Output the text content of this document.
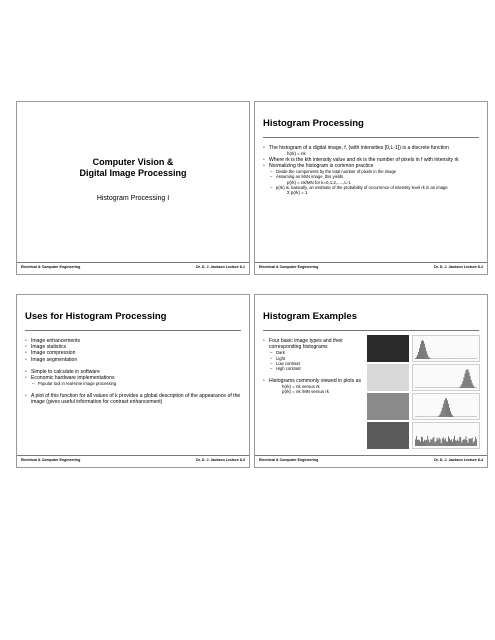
Computer Vision &
Digital Image Processing
Histogram Processing I
Electrical & Computer Engineering	Dr. D. J. Jackson Lecture 8-1
Histogram Processing
• The histogram of a digital image, f, (with intensities [0,L-1]) is a discrete function
h(rk) = nk
• Where rk is the kth intensity value and nk is the number of pixels in f with intensity rk
• Normalizing the histogram is common practice
– Divide the components by the total number of pixels in the image
– Assuming an MxN image, this yields
p(rk) = nk/MN for k=0,1,2,.....,L-1
– p(rk) is, basically, an estimate of the probability of occurrence of intensity level rk in an image
Σ p(rk) = 1
Electrical & Computer Engineering	Dr. D. J. Jackson Lecture 8-2
Uses for Histogram Processing
• Image enhancements
• Image statistics
• Image compression
• Image segmentation
• Simple to calculate in software
• Economic hardware implementations
– Popular tool in real-time image processing
• A plot of this function for all values of k provides a global description of the appearance of the image (gives useful information for contrast enhancement)
Electrical & Computer Engineering	Dr. D. J. Jackson Lecture 8-3
Histogram Examples
• Four basic image types and their corresponding histograms
– Dark
– Light
– Low contrast
– High contrast
• Histograms commonly viewed in plots as
h(rk) = nk versus rk
p(rk) = nk /MN versus rk
Electrical & Computer Engineering	Dr. D. J. Jackson Lecture 8-4
